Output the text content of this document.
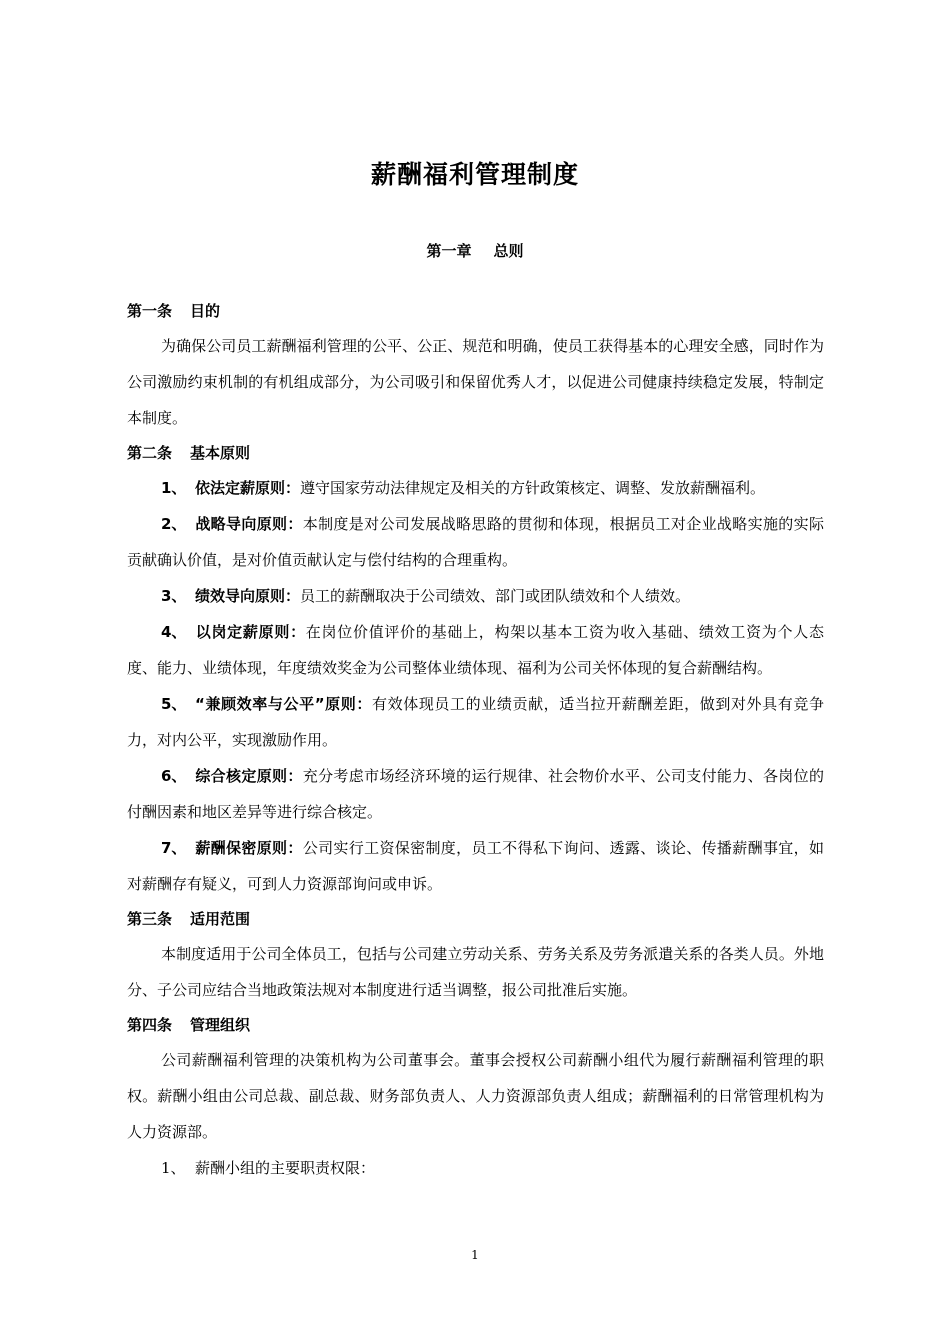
薪酬福利管理制度
第一章 总则
第一条 目的
为确保公司员工薪酬福利管理的公平、公正、规范和明确，使员工获得基本的心理安全感，同时作为公司激励约束机制的有机组成部分，为公司吸引和保留优秀人才，以促进公司健康持续稳定发展，特制定本制度。
第二条 基本原则
1、 依法定薪原则：遵守国家劳动法律规定及相关的方针政策核定、调整、发放薪酬福利。
2、 战略导向原则：本制度是对公司发展战略思路的贯彻和体现，根据员工对企业战略实施的实际贡献确认价值，是对价值贡献认定与偿付结构的合理重构。
3、 绩效导向原则：员工的薪酬取决于公司绩效、部门或团队绩效和个人绩效。
4、 以岗定薪原则：在岗位价值评价的基础上，构架以基本工资为收入基础、绩效工资为个人态度、能力、业绩体现，年度绩效奖金为公司整体业绩体现、福利为公司关怀体现的复合薪酬结构。
5、 “兼顾效率与公平”原则：有效体现员工的业绩贡献，适当拉开薪酬差距，做到对外具有竞争力，对内公平，实现激励作用。
6、 综合核定原则：充分考虑市场经济环境的运行规律、社会物价水平、公司支付能力、各岗位的付酬因素和地区差异等进行综合核定。
7、 薪酬保密原则：公司实行工资保密制度，员工不得私下询问、透露、谈论、传播薪酬事宜，如对薪酬存有疑义，可到人力资源部询问或申诉。
第三条 适用范围
本制度适用于公司全体员工，包括与公司建立劳动关系、劳务关系及劳务派遣关系的各类人员。外地分、子公司应结合当地政策法规对本制度进行适当调整，报公司批准后实施。
第四条 管理组织
公司薪酬福利管理的决策机构为公司董事会。董事会授权公司薪酬小组代为履行薪酬福利管理的职权。薪酬小组由公司总裁、副总裁、财务部负责人、人力资源部负责人组成；薪酬福利的日常管理机构为人力资源部。
1、 薪酬小组的主要职责权限：
1
